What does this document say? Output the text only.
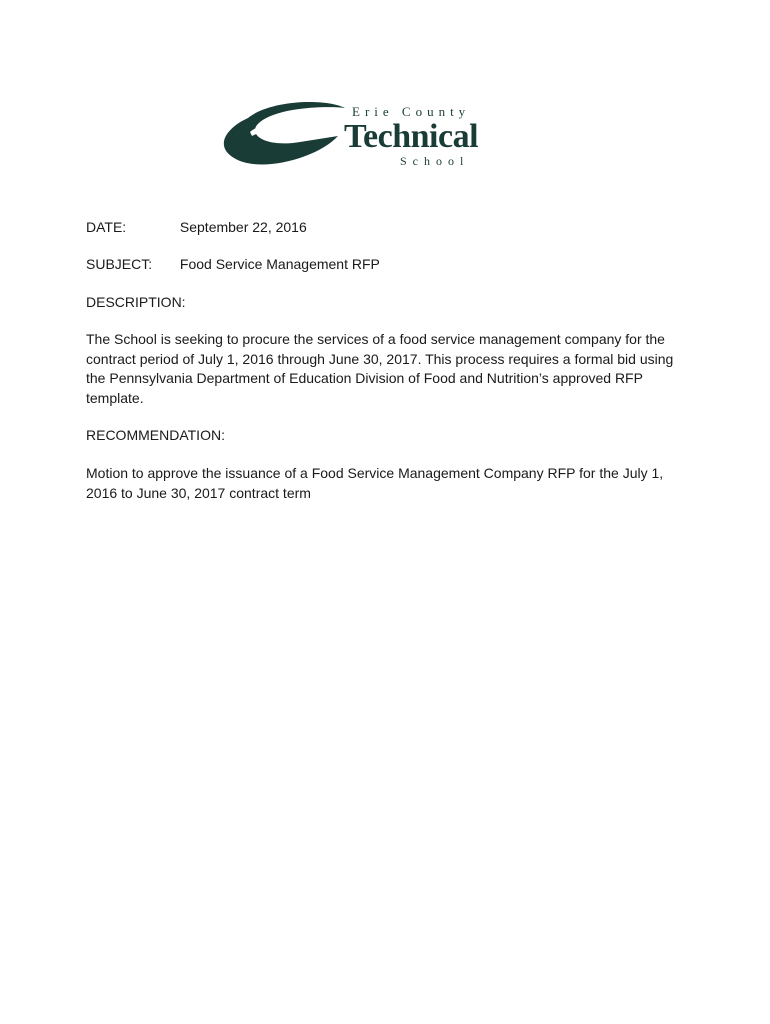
Erie County
Technical
School
DATE:	September 22, 2016
SUBJECT: Food Service Management RFP
DESCRIPTION:
The School is seeking to procure the services of a food service management company for the contract period of July 1, 2016 through June 30, 2017. This process requires a formal bid using the Pennsylvania Department of Education Division of Food and Nutrition’s approved RFP template.
RECOMMENDATION:
Motion to approve the issuance of a Food Service Management Company RFP for the July 1, 2016 to June 30, 2017 contract term
